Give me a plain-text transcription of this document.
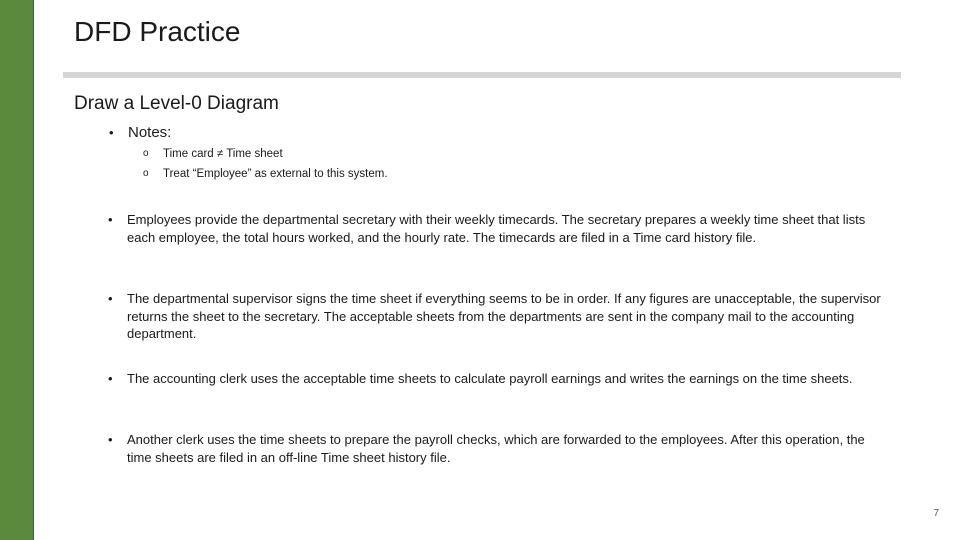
DFD Practice
Draw a Level-0 Diagram
• Notes:
o	Time card ≠ Time sheet
o	Treat “Employee” as external to this system.
•	Employees provide the departmental secretary with their weekly timecards. The secretary prepares a weekly time sheet that lists each employee, the total hours worked, and the hourly rate. The timecards are filed in a Time card history file.
•	The departmental supervisor signs the time sheet if everything seems to be in order. If any figures are unacceptable, the supervisor returns the sheet to the secretary. The acceptable sheets from the departments are sent in the company mail to the accounting department.
•	The accounting clerk uses the acceptable time sheets to calculate payroll earnings and writes the earnings on the time sheets.
•	Another clerk uses the time sheets to prepare the payroll checks, which are forwarded to the employees. After this operation, the time sheets are filed in an off-line Time sheet history file.
7
